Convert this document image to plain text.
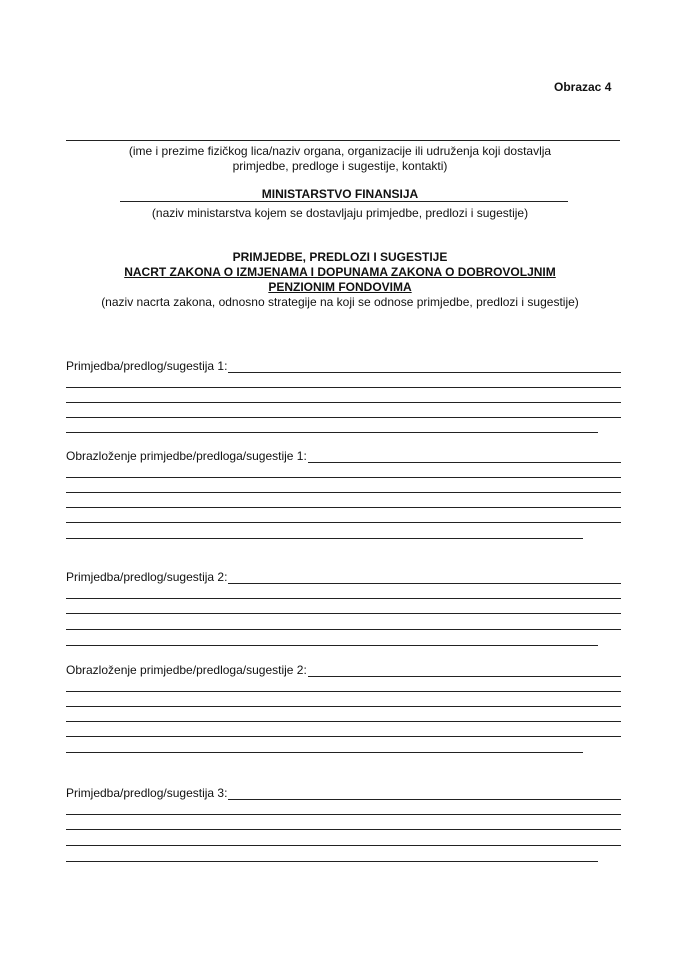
Obrazac 4
(ime i prezime fizičkog lica/naziv organa, organizacije ili udruženja koji dostavlja
primjedbe, predloge i sugestije, kontakti)
MINISTARSTVO FINANSIJA
(naziv ministarstva kojem se dostavljaju primjedbe, predlozi i sugestije)
PRIMJEDBE, PREDLOZI I SUGESTIJE
NACRT ZAKONA O IZMJENAMA I DOPUNAMA ZAKONA O DOBROVOLJNIM
PENZIONIM FONDOVIMA
(naziv nacrta zakona, odnosno strategije na koji se odnose primjedbe, predlozi i sugestije)
Primjedba/predlog/sugestija 1:
Obrazloženje primjedbe/predloga/sugestije 1:
Primjedba/predlog/sugestija 2:
Obrazloženje primjedbe/predloga/sugestije 2:
Primjedba/predlog/sugestija 3:
